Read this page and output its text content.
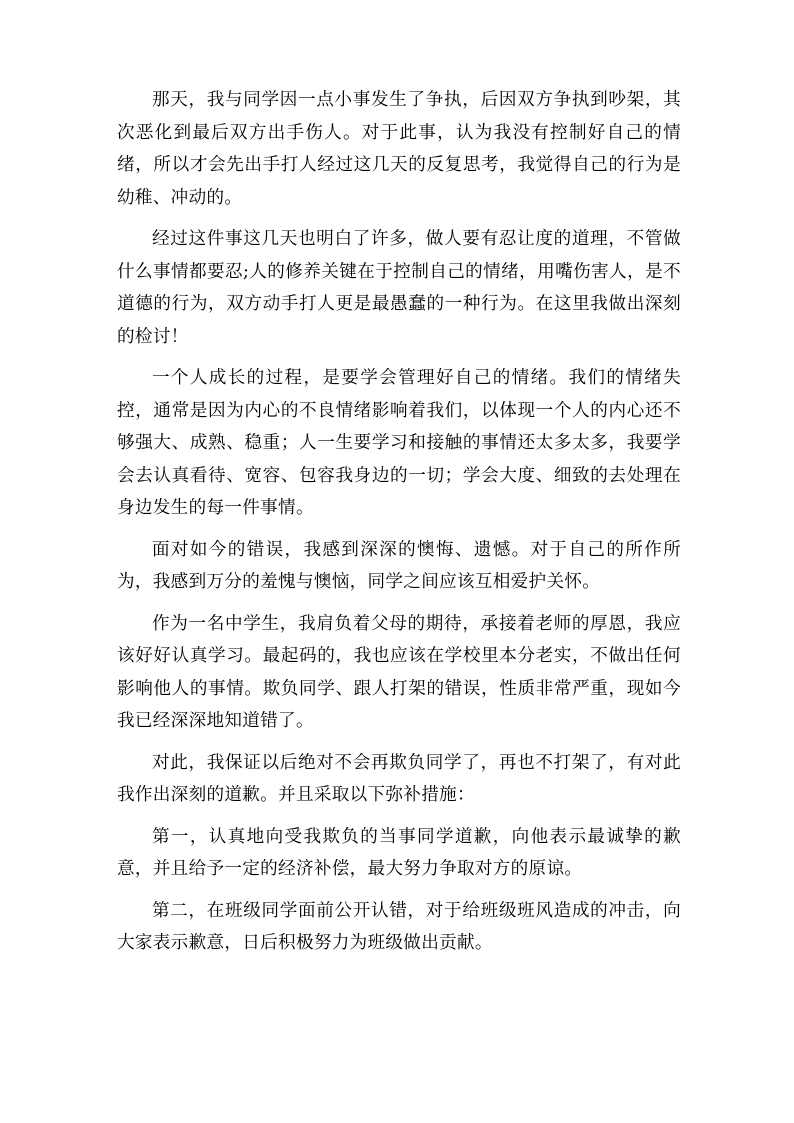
那天，我与同学因一点小事发生了争执，后因双方争执到吵架，其次恶化到最后双方出手伤人。对于此事，认为我没有控制好自己的情绪，所以才会先出手打人经过这几天的反复思考，我觉得自己的行为是幼稚、冲动的。

经过这件事这几天也明白了许多，做人要有忍让度的道理，不管做什么事情都要忍;人的修养关键在于控制自己的情绪，用嘴伤害人，是不道德的行为，双方动手打人更是最愚蠢的一种行为。在这里我做出深刻的检讨！

一个人成长的过程，是要学会管理好自己的情绪。我们的情绪失控，通常是因为内心的不良情绪影响着我们，以体现一个人的内心还不够强大、成熟、稳重；人一生要学习和接触的事情还太多太多，我要学会去认真看待、宽容、包容我身边的一切；学会大度、细致的去处理在身边发生的每一件事情。

面对如今的错误，我感到深深的懊悔、遗憾。对于自己的所作所为，我感到万分的羞愧与懊恼，同学之间应该互相爱护关怀。

作为一名中学生，我肩负着父母的期待，承接着老师的厚恩，我应该好好认真学习。最起码的，我也应该在学校里本分老实，不做出任何影响他人的事情。欺负同学、跟人打架的错误，性质非常严重，现如今我已经深深地知道错了。

对此，我保证以后绝对不会再欺负同学了，再也不打架了，有对此我作出深刻的道歉。并且采取以下弥补措施：

第一，认真地向受我欺负的当事同学道歉，向他表示最诚挚的歉意，并且给予一定的经济补偿，最大努力争取对方的原谅。

第二，在班级同学面前公开认错，对于给班级班风造成的冲击，向大家表示歉意，日后积极努力为班级做出贡献。
